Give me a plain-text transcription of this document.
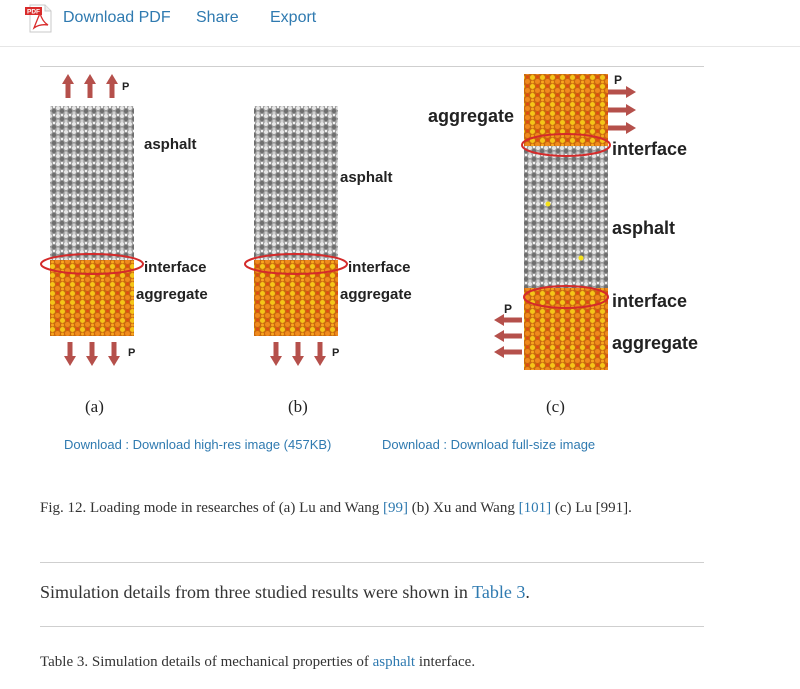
PDF Download PDF Share Export
P
asphalt
interface
aggregate
P
(a)
asphalt
interface
aggregate
P
(b)
P
P
aggregate
interface
asphalt
interface
aggregate
(c)
Download : Download high-res image (457KB)	Download : Download full-size image
Fig. 12. Loading mode in researches of (a) Lu and Wang [99] (b) Xu and Wang [101] (c) Lu [991].
Simulation details from three studied results were shown in Table 3.
Table 3. Simulation details of mechanical properties of asphalt interface.
